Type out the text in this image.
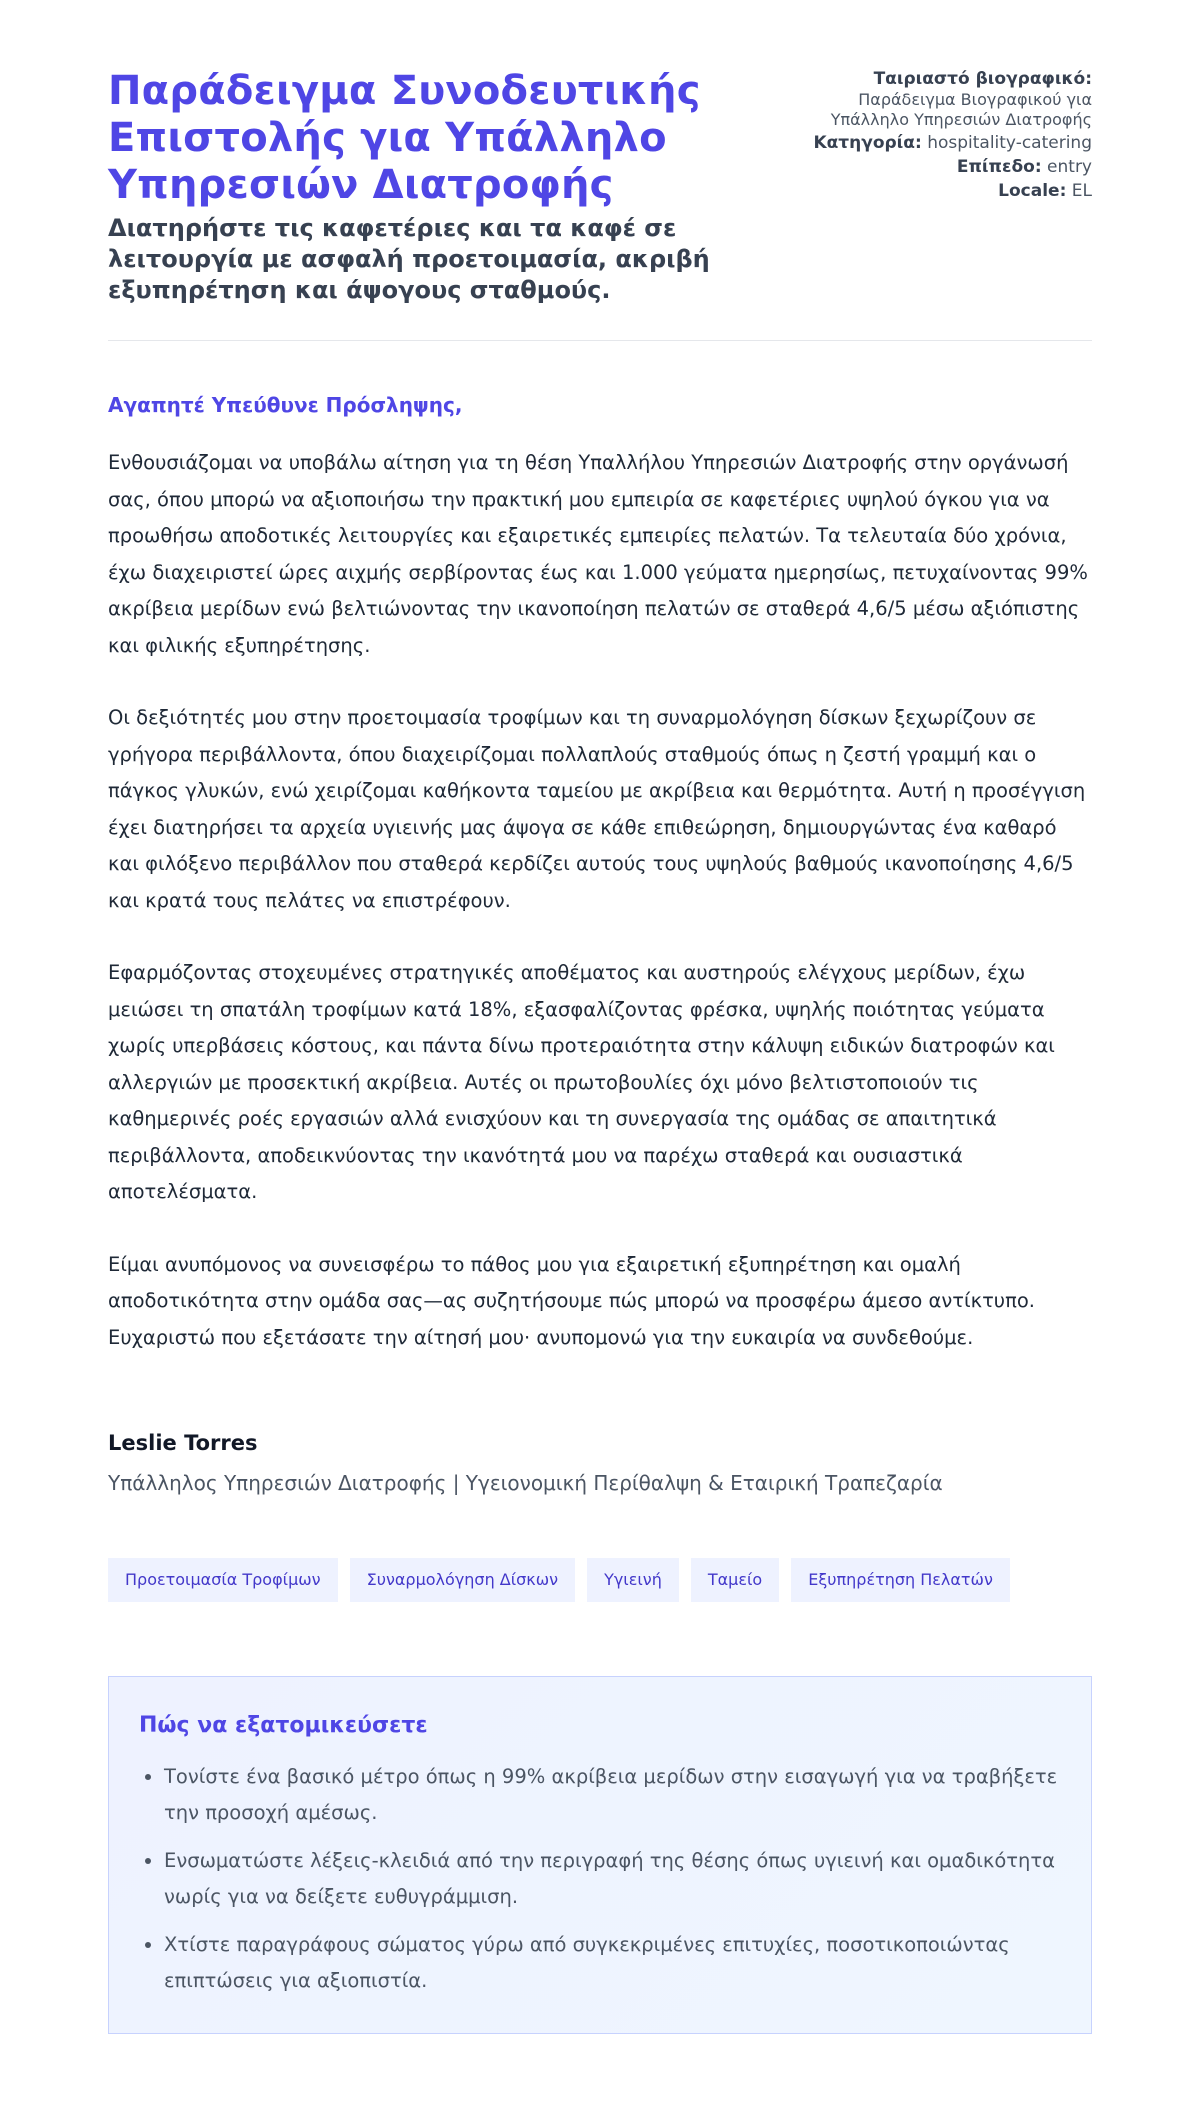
Παράδειγμα Συνοδευτικής Επιστολής για Υπάλληλο Υπηρεσιών Διατροφής

Διατηρήστε τις καφετέριες και τα καφέ σε λειτουργία με ασφαλή προετοιμασία, ακριβή εξυπηρέτηση και άψογους σταθμούς.

Ταιριαστό βιογραφικό:
Παράδειγμα Βιογραφικού για Υπάλληλο Υπηρεσιών Διατροφής
Κατηγορία: hospitality-catering
Επίπεδο: entry
Locale: EL

Αγαπητέ Υπεύθυνε Πρόσληψης,

Ενθουσιάζομαι να υποβάλω αίτηση για τη θέση Υπαλλήλου Υπηρεσιών Διατροφής στην οργάνωσή σας, όπου μπορώ να αξιοποιήσω την πρακτική μου εμπειρία σε καφετέριες υψηλού όγκου για να προωθήσω αποδοτικές λειτουργίες και εξαιρετικές εμπειρίες πελατών. Τα τελευταία δύο χρόνια, έχω διαχειριστεί ώρες αιχμής σερβίροντας έως και 1.000 γεύματα ημερησίως, πετυχαίνοντας 99% ακρίβεια μερίδων ενώ βελτιώνοντας την ικανοποίηση πελατών σε σταθερά 4,6/5 μέσω αξιόπιστης και φιλικής εξυπηρέτησης.

Οι δεξιότητές μου στην προετοιμασία τροφίμων και τη συναρμολόγηση δίσκων ξεχωρίζουν σε γρήγορα περιβάλλοντα, όπου διαχειρίζομαι πολλαπλούς σταθμούς όπως η ζεστή γραμμή και ο πάγκος γλυκών, ενώ χειρίζομαι καθήκοντα ταμείου με ακρίβεια και θερμότητα. Αυτή η προσέγγιση έχει διατηρήσει τα αρχεία υγιεινής μας άψογα σε κάθε επιθεώρηση, δημιουργώντας ένα καθαρό και φιλόξενο περιβάλλον που σταθερά κερδίζει αυτούς τους υψηλούς βαθμούς ικανοποίησης 4,6/5 και κρατά τους πελάτες να επιστρέφουν.

Εφαρμόζοντας στοχευμένες στρατηγικές αποθέματος και αυστηρούς ελέγχους μερίδων, έχω μειώσει τη σπατάλη τροφίμων κατά 18%, εξασφαλίζοντας φρέσκα, υψηλής ποιότητας γεύματα χωρίς υπερβάσεις κόστους, και πάντα δίνω προτεραιότητα στην κάλυψη ειδικών διατροφών και αλλεργιών με προσεκτική ακρίβεια. Αυτές οι πρωτοβουλίες όχι μόνο βελτιστοποιούν τις καθημερινές ροές εργασιών αλλά ενισχύουν και τη συνεργασία της ομάδας σε απαιτητικά περιβάλλοντα, αποδεικνύοντας την ικανότητά μου να παρέχω σταθερά και ουσιαστικά αποτελέσματα.

Είμαι ανυπόμονος να συνεισφέρω το πάθος μου για εξαιρετική εξυπηρέτηση και ομαλή αποδοτικότητα στην ομάδα σας—ας συζητήσουμε πώς μπορώ να προσφέρω άμεσο αντίκτυπο. Ευχαριστώ που εξετάσατε την αίτησή μου· ανυπομονώ για την ευκαιρία να συνδεθούμε.

Leslie Torres
Υπάλληλος Υπηρεσιών Διατροφής | Υγειονομική Περίθαλψη & Εταιρική Τραπεζαρία
Προετοιμασία Τροφίμων	Συναρμολόγηση Δίσκων	Υγιεινή	Ταμείο	Εξυπηρέτηση Πελατών
Πώς να εξατομικεύσετε
• Τονίστε ένα βασικό μέτρο όπως η 99% ακρίβεια μερίδων στην εισαγωγή για να τραβήξετε την προσοχή αμέσως.
• Ενσωματώστε λέξεις-κλειδιά από την περιγραφή της θέσης όπως υγιεινή και ομαδικότητα νωρίς για να δείξετε ευθυγράμμιση.
• Χτίστε παραγράφους σώματος γύρω από συγκεκριμένες επιτυχίες, ποσοτικοποιώντας επιπτώσεις για αξιοπιστία.
